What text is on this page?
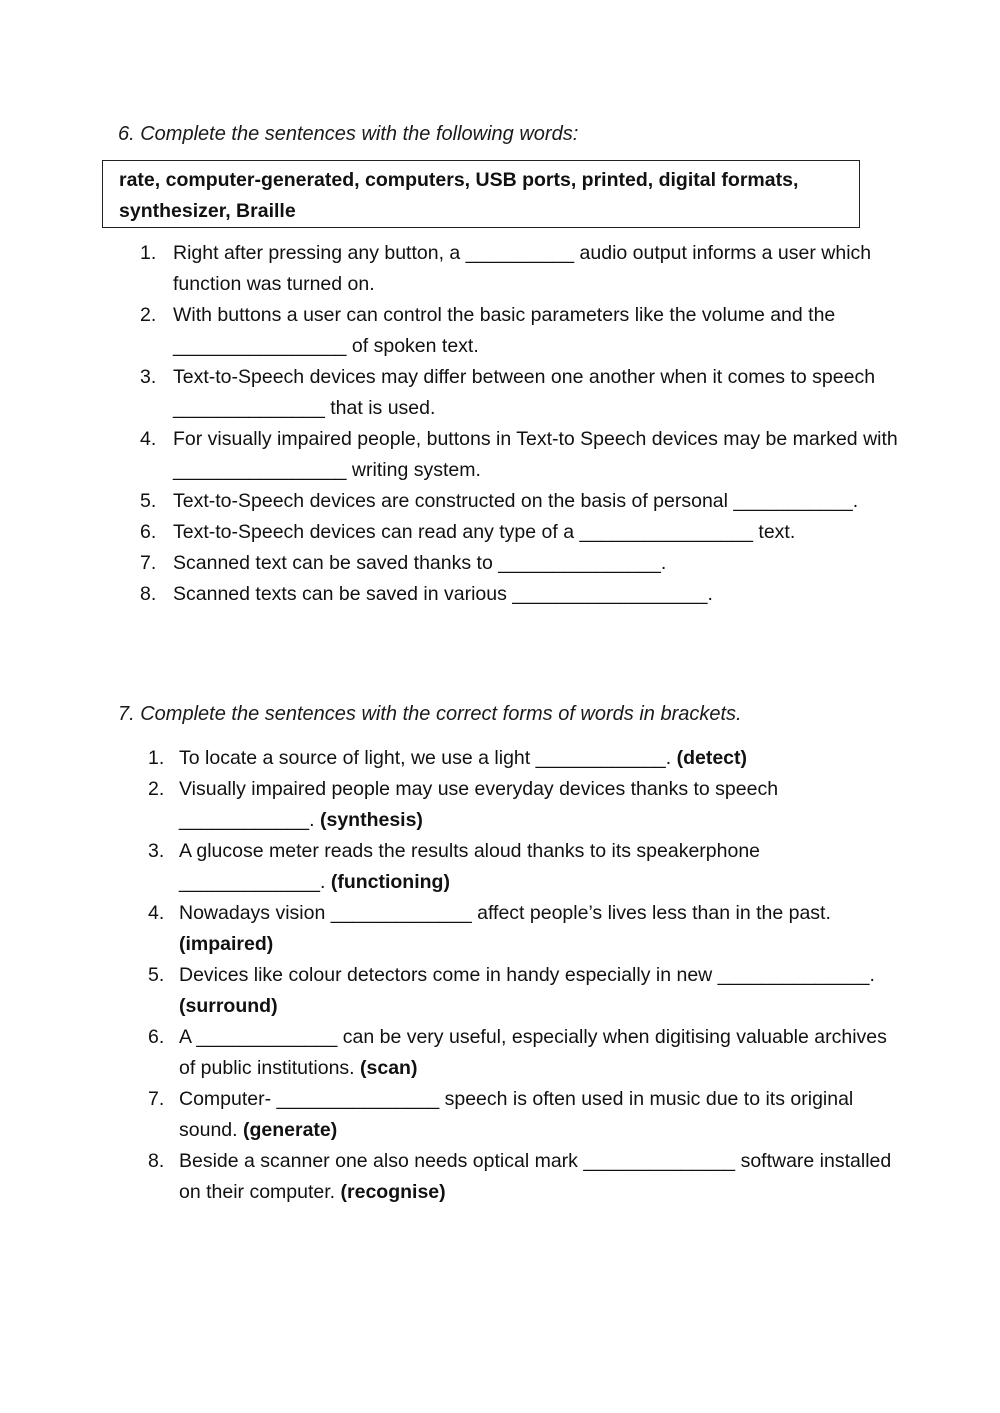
6. Complete the sentences with the following words:

rate, computer-generated, computers, USB ports, printed, digital formats, synthesizer, Braille
1. Right after pressing any button, a __________ audio output informs a user which function was turned on.
2. With buttons a user can control the basic parameters like the volume and the ________________ of spoken text.
3. Text-to-Speech devices may differ between one another when it comes to speech ______________ that is used.
4. For visually impaired people, buttons in Text-to Speech devices may be marked with ________________ writing system.
5. Text-to-Speech devices are constructed on the basis of personal ___________.
6. Text-to-Speech devices can read any type of a ________________ text.
7. Scanned text can be saved thanks to _______________.
8. Scanned texts can be saved in various __________________.

7. Complete the sentences with the correct forms of words in brackets.

1. To locate a source of light, we use a light ____________. (detect)
2. Visually impaired people may use everyday devices thanks to speech ____________. (synthesis)
3. A glucose meter reads the results aloud thanks to its speakerphone _____________. (functioning)
4. Nowadays vision _____________ affect people’s lives less than in the past. (impaired)
5. Devices like colour detectors come in handy especially in new ______________. (surround)
6. A _____________ can be very useful, especially when digitising valuable archives of public institutions. (scan)
7. Computer- _______________ speech is often used in music due to its original sound. (generate)
8. Beside a scanner one also needs optical mark ______________ software installed on their computer. (recognise)
